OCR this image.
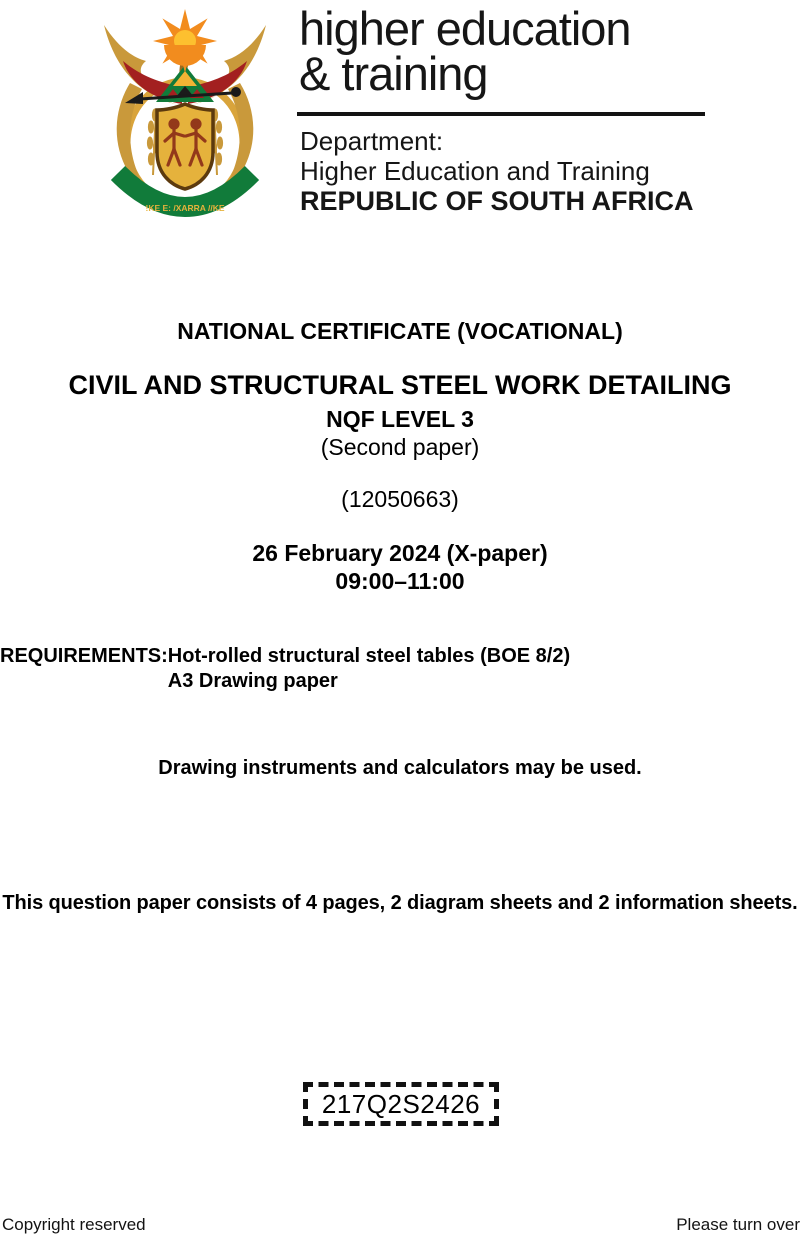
!KE E: /XARRA //KE
higher education
& training
Department:
Higher Education and Training
REPUBLIC OF SOUTH AFRICA
NATIONAL CERTIFICATE (VOCATIONAL)
CIVIL AND STRUCTURAL STEEL WORK DETAILING
NQF LEVEL 3
(Second paper)
(12050663)
26 February 2024 (X-paper)
09:00–11:00
REQUIREMENTS: Hot-rolled structural steel tables (BOE 8/2)
A3 Drawing paper
Drawing instruments and calculators may be used.
This question paper consists of 4 pages, 2 diagram sheets and 2 information sheets.
217Q2S2426
Copyright reserved	Please turn over
